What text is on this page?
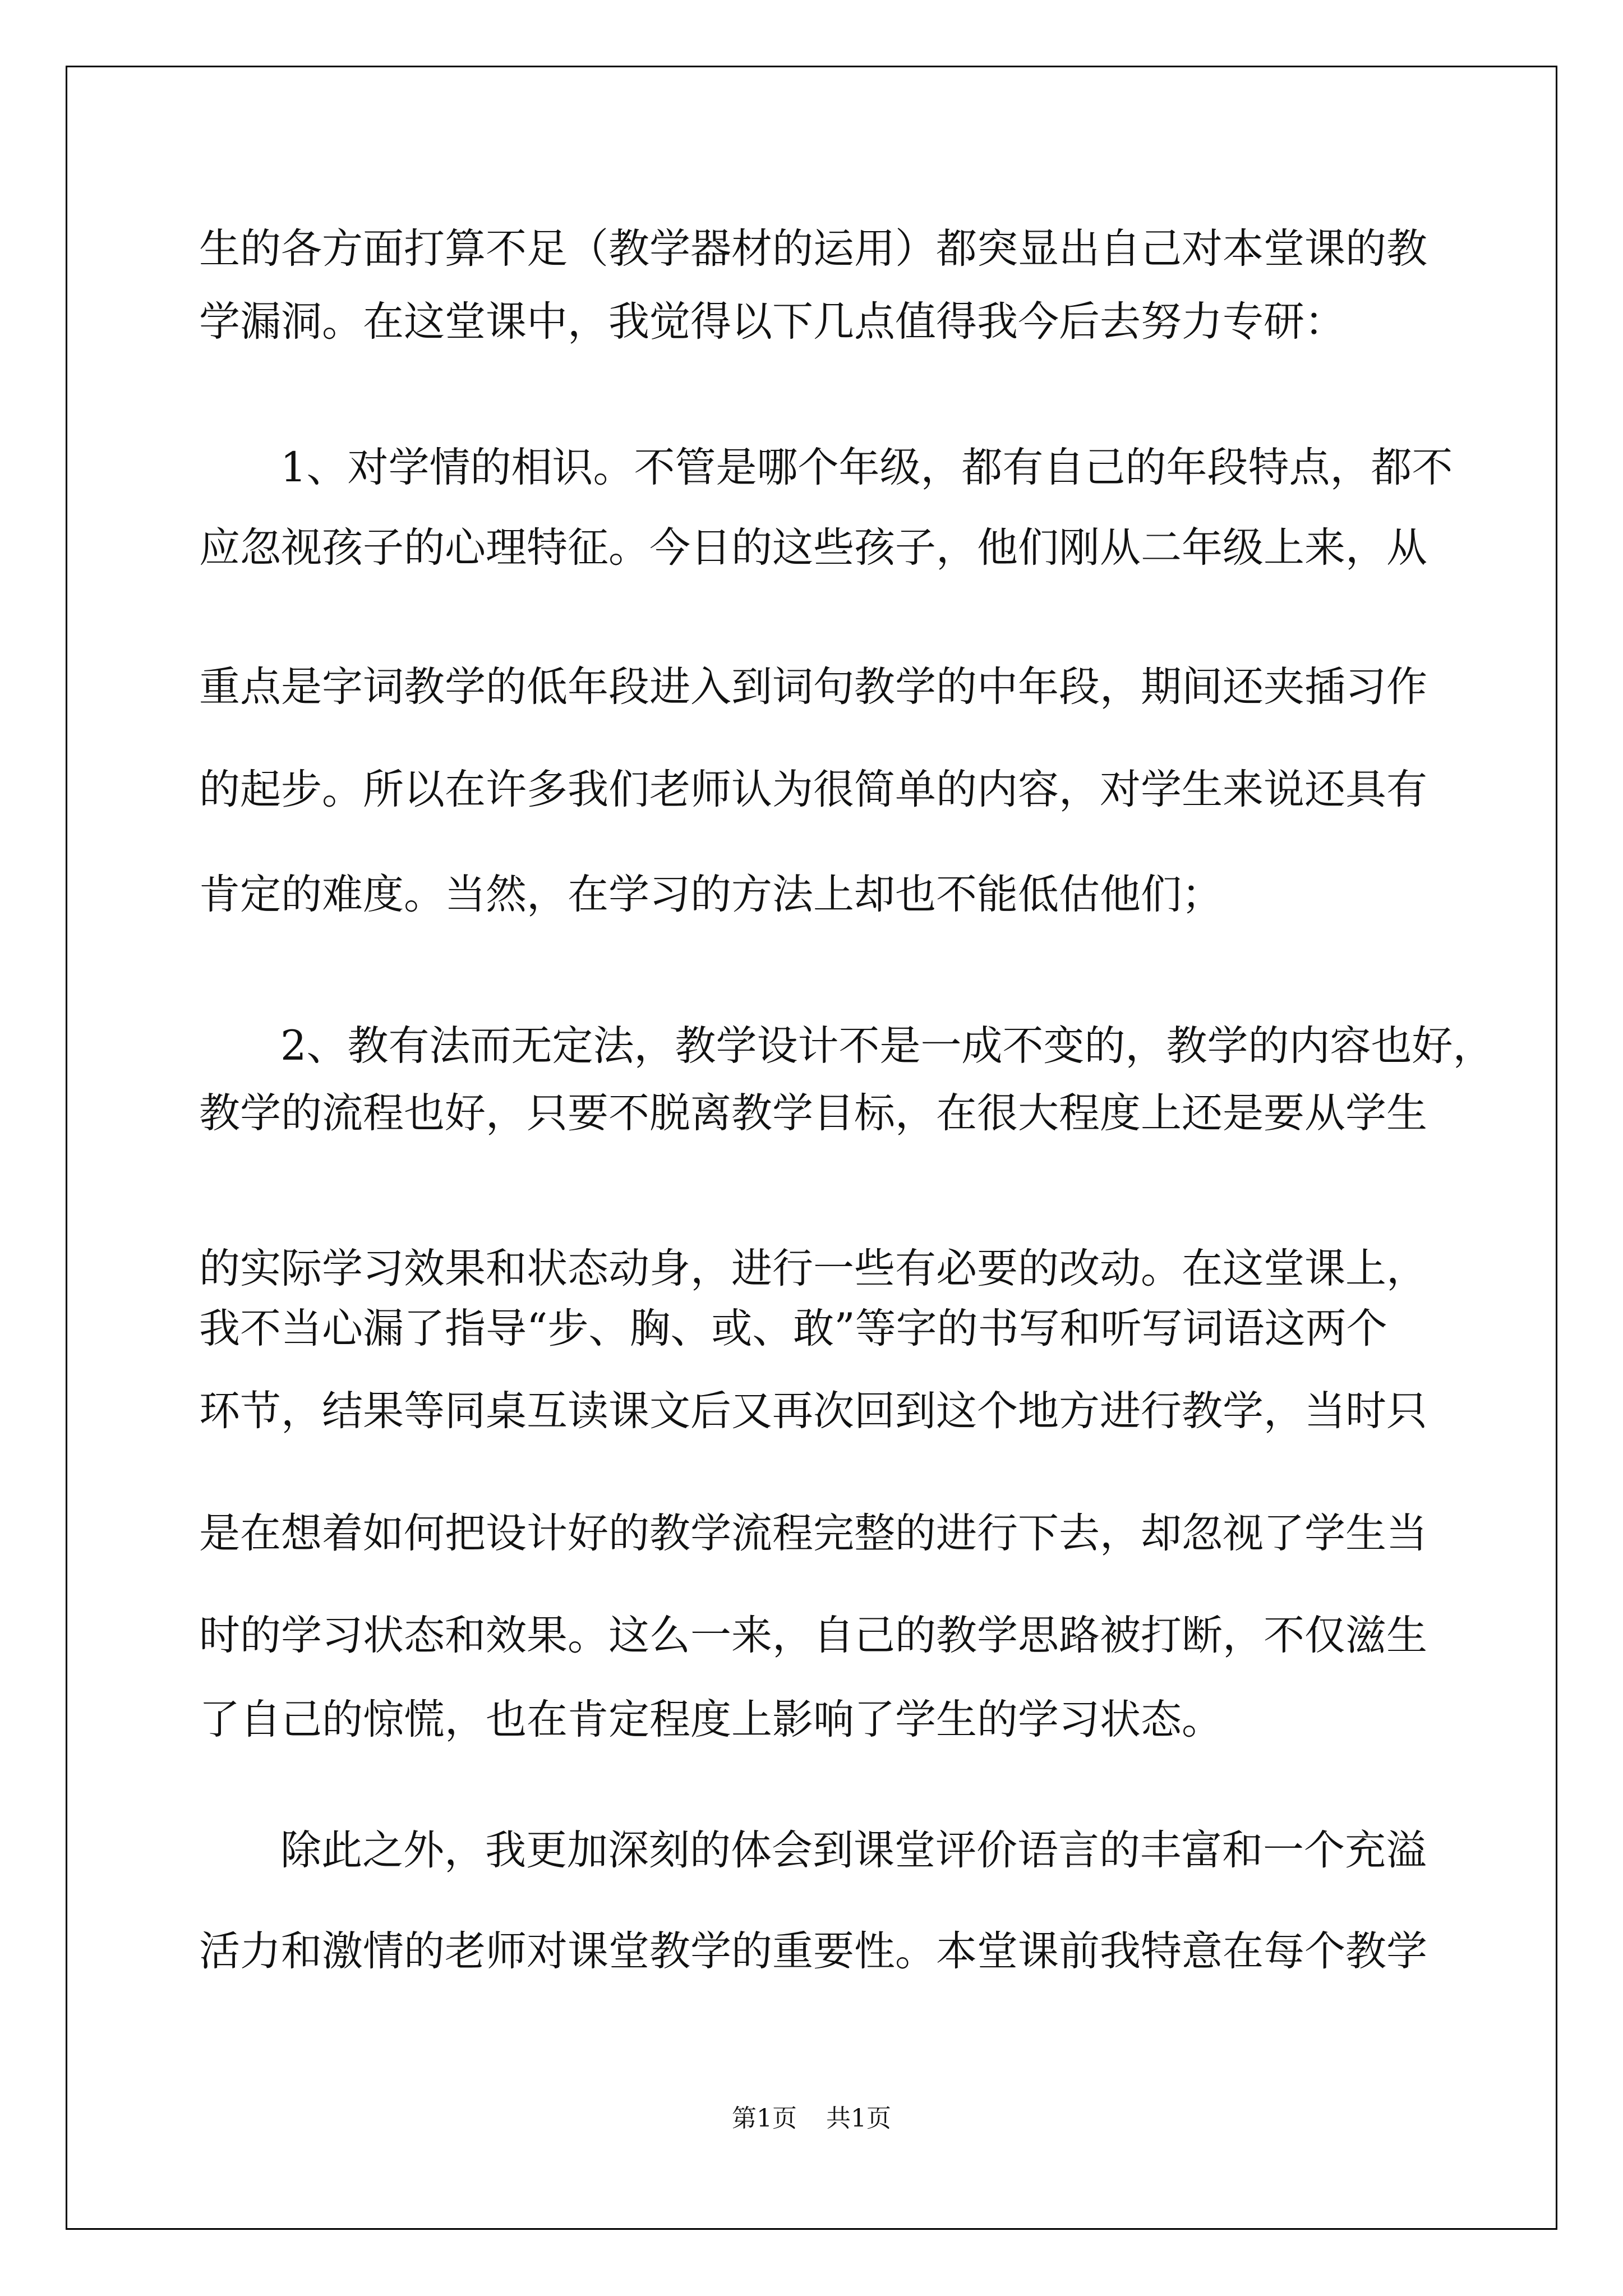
生的各方面打算不足（教学器材的运用）都突显出自己对本堂课的教
学漏洞。在这堂课中，我觉得以下几点值得我今后去努力专研：
1、对学情的相识。不管是哪个年级，都有自己的年段特点，都不
应忽视孩子的心理特征。今日的这些孩子，他们刚从二年级上来，从
重点是字词教学的低年段进入到词句教学的中年段，期间还夹插习作
的起步。所以在许多我们老师认为很简单的内容，对学生来说还具有
肯定的难度。当然，在学习的方法上却也不能低估他们；
2、教有法而无定法，教学设计不是一成不变的，教学的内容也好，
教学的流程也好，只要不脱离教学目标，在很大程度上还是要从学生
的实际学习效果和状态动身，进行一些有必要的改动。在这堂课上，
我不当心漏了指导“步、胸、或、敢”等字的书写和听写词语这两个
环节，结果等同桌互读课文后又再次回到这个地方进行教学，当时只
是在想着如何把设计好的教学流程完整的进行下去，却忽视了学生当
时的学习状态和效果。这么一来，自己的教学思路被打断，不仅滋生
了自己的惊慌，也在肯定程度上影响了学生的学习状态。
除此之外，我更加深刻的体会到课堂评价语言的丰富和一个充溢
活力和激情的老师对课堂教学的重要性。本堂课前我特意在每个教学
第1页 共1页
